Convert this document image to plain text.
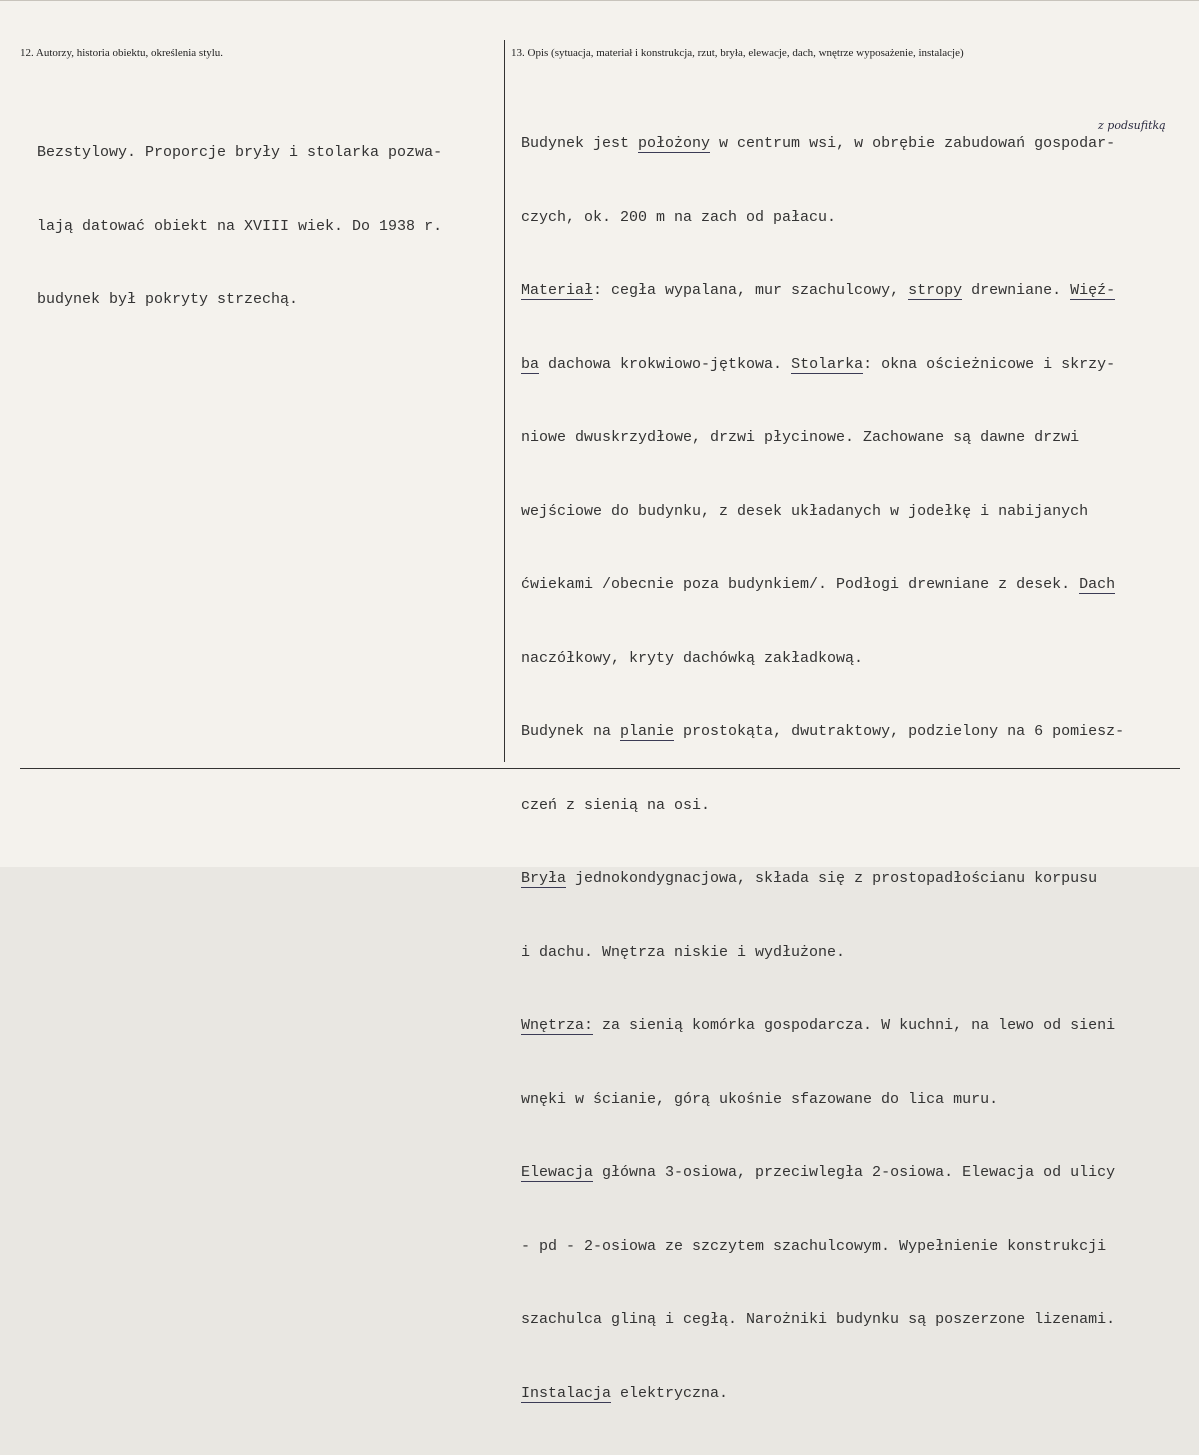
12. Autorzy, historia obiektu, określenia stylu.	13. Opis (sytuacja, materiał i konstrukcja, rzut, bryła, elewacje, dach, wnętrze wyposażenie, instalacje)

Bezstylowy. Proporcje bryły i stolarka pozwa-

lają datować obiekt na XVIII wiek. Do 1938 r.

budynek był pokryty strzechą.

Budynek jest położony w centrum wsi, w obrębie zabudowań gospodar-

czych, ok. 200 m na zach od pałacu.

Materiał: cegła wypalana, mur szachulcowy, stropy drewniane. Więź-

ba dachowa krokwiowo-jętkowa. Stolarka: okna ościeżnicowe i skrzy-

niowe dwuskrzydłowe, drzwi płycinowe. Zachowane są dawne drzwi

wejściowe do budynku, z desek układanych w jodełkę i nabijanych

ćwiekami /obecnie poza budynkiem/. Podłogi drewniane z desek. Dach

naczółkowy, kryty dachówką zakładkową.

Budynek na planie prostokąta, dwutraktowy, podzielony na 6 pomiesz-

czeń z sienią na osi.

Bryła jednokondygnacjowa, składa się z prostopadłościanu korpusu

i dachu. Wnętrza niskie i wydłużone.

Wnętrza: za sienią komórka gospodarcza. W kuchni, na lewo od sieni

wnęki w ścianie, górą ukośnie sfazowane do lica muru.

Elewacja główna 3-osiowa, przeciwległa 2-osiowa. Elewacja od ulicy

- pd - 2-osiowa ze szczytem szachulcowym. Wypełnienie konstrukcji

szachulca gliną i cegłą. Narożniki budynku są poszerzone lizenami.

Instalacja elektryczna.

z podsufitką
